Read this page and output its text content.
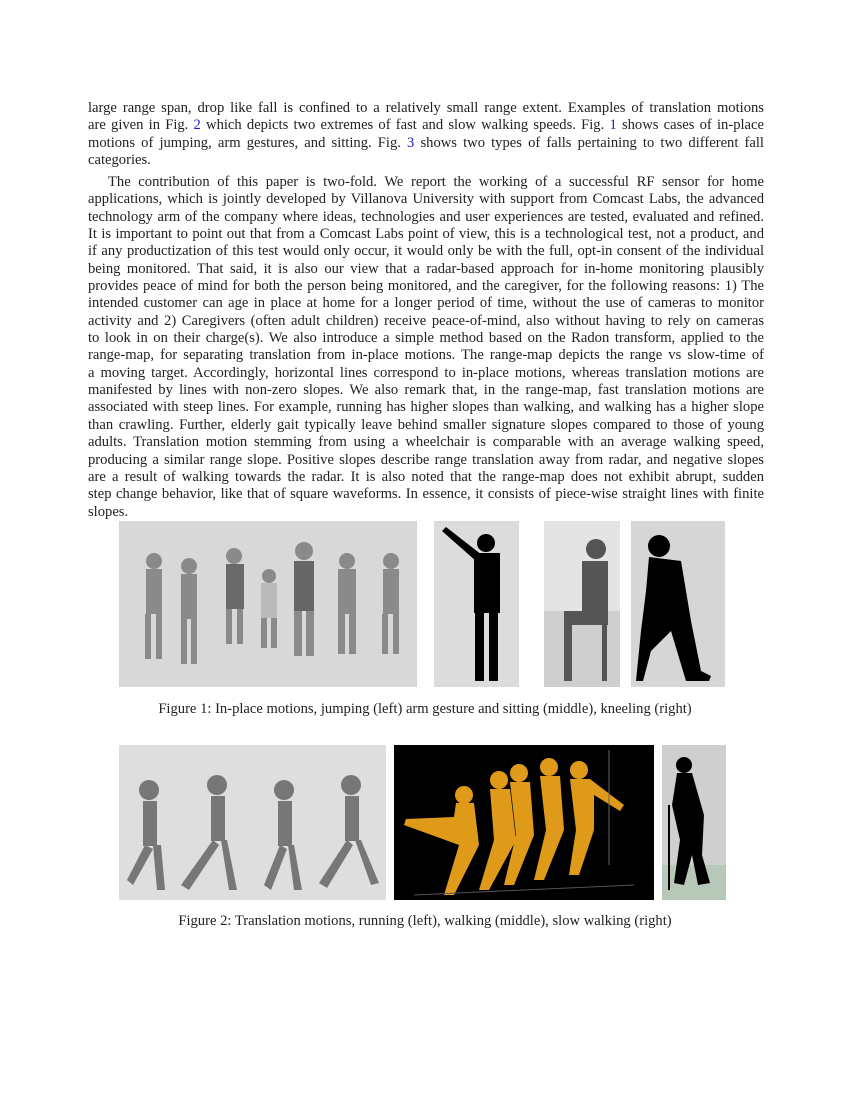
large range span, drop like fall is confined to a relatively small range extent. Examples of translation motions
are given in Fig. 2 which depicts two extremes of fast and slow walking speeds. Fig. 1 shows cases of in-place
motions of jumping, arm gestures, and sitting. Fig. 3 shows two types of falls pertaining to two different fall
categories.
The contribution of this paper is two-fold. We report the working of a successful RF sensor for home
applications, which is jointly developed by Villanova University with support from Comcast Labs, the advanced
technology arm of the company where ideas, technologies and user experiences are tested, evaluated and refined.
It is important to point out that from a Comcast Labs point of view, this is a technological test, not a product, and
if any productization of this test would only occur, it would only be with the full, opt-in consent of the individual
being monitored. That said, it is also our view that a radar-based approach for in-home monitoring plausibly
provides peace of mind for both the person being monitored, and the caregiver, for the following reasons: 1) The
intended customer can age in place at home for a longer period of time, without the use of cameras to monitor
activity and 2) Caregivers (often adult children) receive peace-of-mind, also without having to rely on cameras
to look in on their charge(s). We also introduce a simple method based on the Radon transform, applied to the
range-map, for separating translation from in-place motions. The range-map depicts the range vs slow-time of
a moving target. Accordingly, horizontal lines correspond to in-place motions, whereas translation motions are
manifested by lines with non-zero slopes. We also remark that, in the range-map, fast translation motions are
associated with steep lines. For example, running has higher slopes than walking, and walking has a higher slope
than crawling. Further, elderly gait typically leave behind smaller signature slopes compared to those of young
adults. Translation motion stemming from using a wheelchair is comparable with an average walking speed,
producing a similar range slope. Positive slopes describe range translation away from radar, and negative slopes
are a result of walking towards the radar. It is also noted that the range-map does not exhibit abrupt, sudden
step change behavior, like that of square waveforms. In essence, it consists of piece-wise straight lines with finite
slopes.
Figure 1: In-place motions, jumping (left) arm gesture and sitting (middle), kneeling (right)
Figure 2: Translation motions, running (left), walking (middle), slow walking (right)
